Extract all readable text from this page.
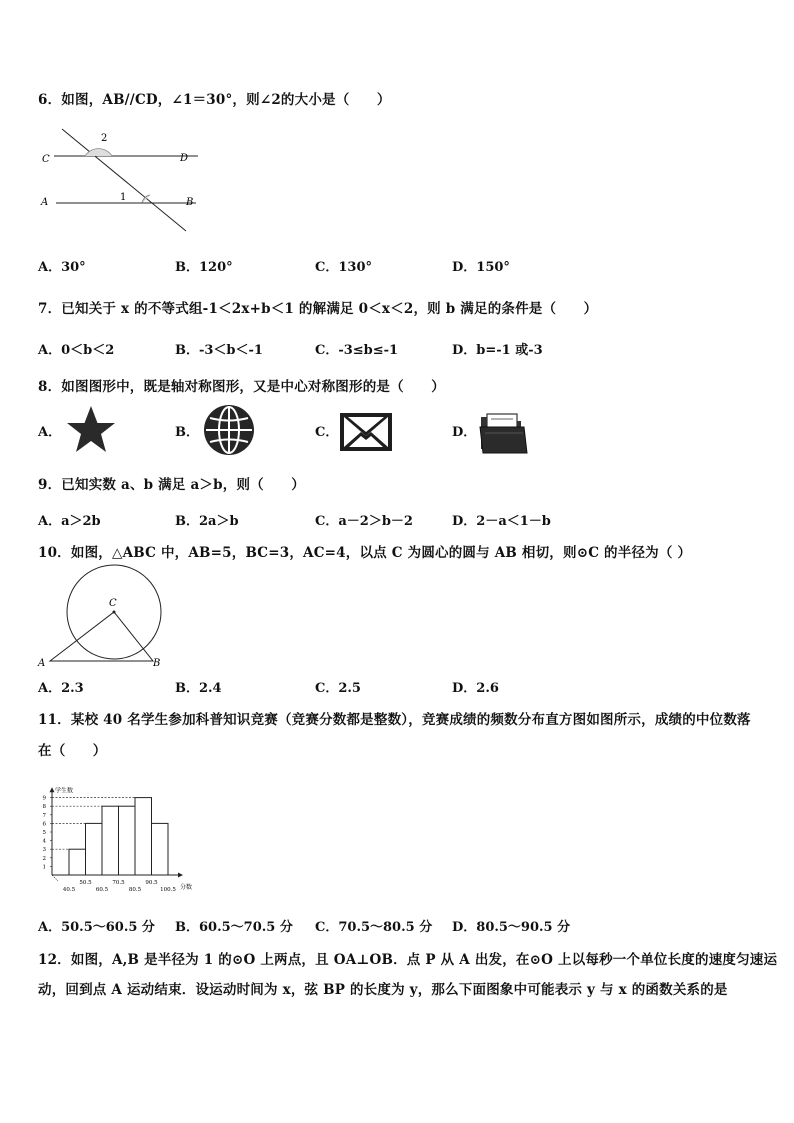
6．如图，AB//CD，∠1＝30°，则∠2的大小是（　　）
C	D
A	B
1
2
A．30°	B．120°	C．130°	D．150°
7．已知关于 x 的不等式组-1＜2x+b＜1 的解满足 0＜x＜2，则 b 满足的条件是（　　）
A．0＜b＜2	B．-3＜b＜-1	C．-3≤b≤-1	D．b=-1 或-3
8．如图图形中，既是轴对称图形，又是中心对称图形的是（　　）
A．	B．	C．	D．
9．已知实数 a、b 满足 a＞b，则（　　）
A．a＞2b	B．2a＞b	C．a－2＞b－2	D．2－a＜1－b
10．如图，△ABC 中，AB=5，BC=3，AC=4，以点 C 为圆心的圆与 AB 相切，则⊙C 的半径为（ ）
C
A	B
A．2.3	B．2.4	C．2.5	D．2.6
11．某校 40 名学生参加科普知识竞赛（竞赛分数都是整数），竞赛成绩的频数分布直方图如图所示，成绩的中位数落
在（　　）
学生数
分数
1
2
3
4
5
6
7
8
9
40.5
50.5
60.5
70.5
80.5
90.5
100.5
A．50.5～60.5 分 B．60.5～70.5 分 C．70.5～80.5 分 D．80.5～90.5 分
12．如图，A,B 是半径为 1 的⊙O 上两点，且 OA⊥OB．点 P 从 A 出发，在⊙O 上以每秒一个单位长度的速度匀速运
动，回到点 A 运动结束．设运动时间为 x，弦 BP 的长度为 y，那么下面图象中可能表示 y 与 x 的函数关系的是
